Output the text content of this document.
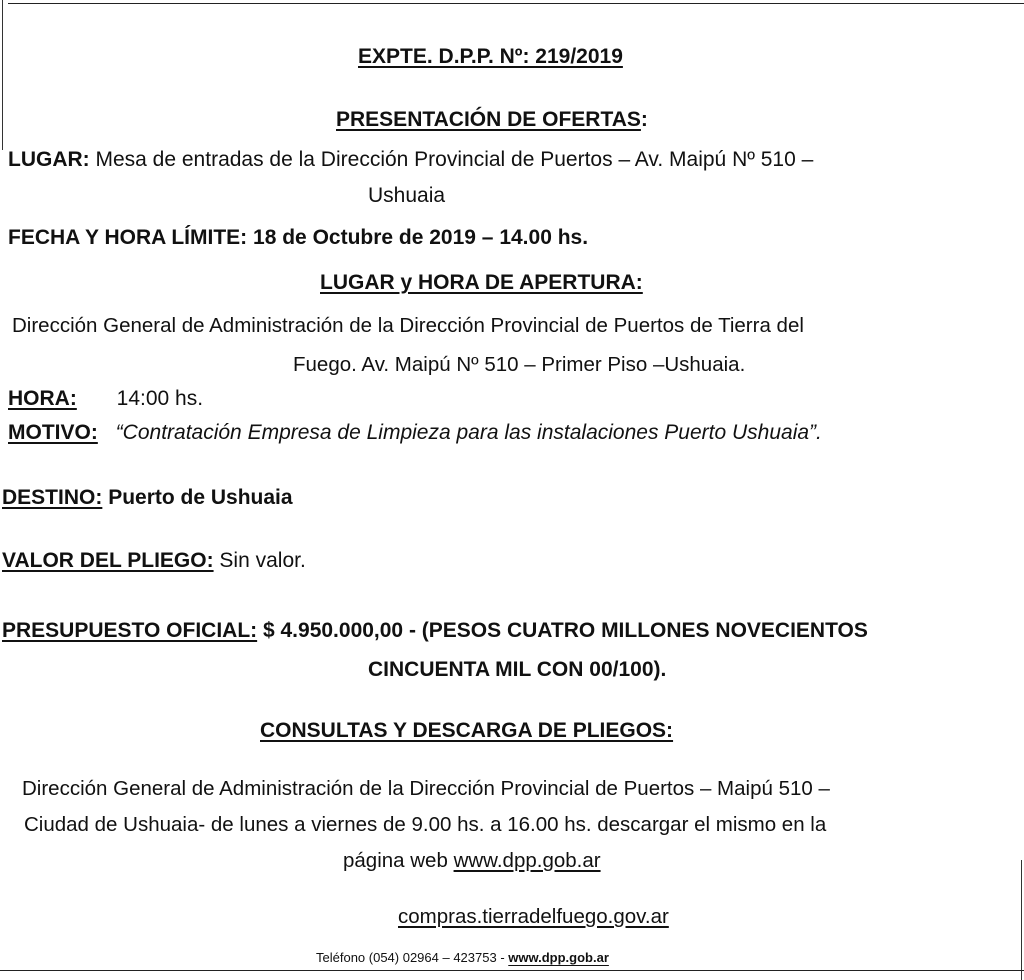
EXPTE. D.P.P. Nº: 219/2019
PRESENTACIÓN DE OFERTAS:
LUGAR: Mesa de entradas de la Dirección Provincial de Puertos – Av. Maipú Nº 510 –
Ushuaia
FECHA Y HORA LÍMITE: 18 de Octubre de 2019 – 14.00 hs.
LUGAR y HORA DE APERTURA:
Dirección General de Administración de la Dirección Provincial de Puertos de Tierra del
Fuego. Av. Maipú Nº 510 – Primer Piso –Ushuaia.
HORA: 14:00 hs.
MOTIVO: “Contratación Empresa de Limpieza para las instalaciones Puerto Ushuaia”.
DESTINO: Puerto de Ushuaia
VALOR DEL PLIEGO: Sin valor.
PRESUPUESTO OFICIAL: $ 4.950.000,00 - (PESOS CUATRO MILLONES NOVECIENTOS
CINCUENTA MIL CON 00/100).
CONSULTAS Y DESCARGA DE PLIEGOS:
Dirección General de Administración de la Dirección Provincial de Puertos – Maipú 510 –
Ciudad de Ushuaia- de lunes a viernes de 9.00 hs. a 16.00 hs. descargar el mismo en la
página web www.dpp.gob.ar
compras.tierradelfuego.gov.ar
Teléfono (054) 02964 – 423753 - www.dpp.gob.ar
